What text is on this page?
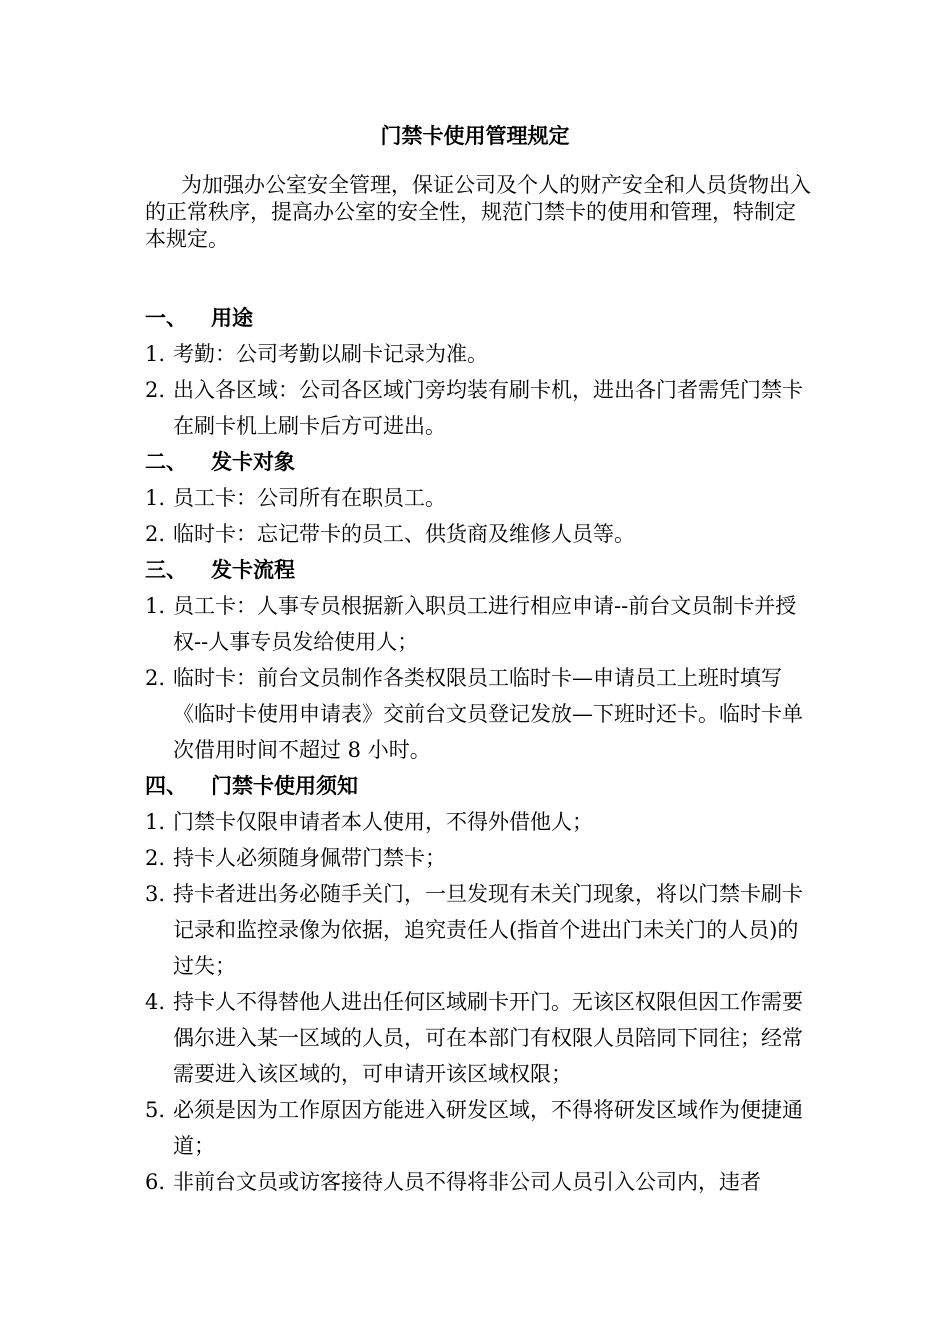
门禁卡使用管理规定
为加强办公室安全管理，保证公司及个人的财产安全和人员货物出入的正常秩序，提高办公室的安全性，规范门禁卡的使用和管理，特制定本规定。
一、	用途
1. 考勤：公司考勤以刷卡记录为准。
2. 出入各区域：公司各区域门旁均装有刷卡机，进出各门者需凭门禁卡在刷卡机上刷卡后方可进出。
二、	发卡对象
1. 员工卡：公司所有在职员工。
2. 临时卡：忘记带卡的员工、供货商及维修人员等。
三、	发卡流程
1. 员工卡：人事专员根据新入职员工进行相应申请--前台文员制卡并授权--人事专员发给使用人；
2. 临时卡：前台文员制作各类权限员工临时卡—申请员工上班时填写《临时卡使用申请表》交前台文员登记发放—下班时还卡。临时卡单次借用时间不超过 8 小时。
四、	门禁卡使用须知
1. 门禁卡仅限申请者本人使用，不得外借他人；
2. 持卡人必须随身佩带门禁卡；
3. 持卡者进出务必随手关门，一旦发现有未关门现象，将以门禁卡刷卡记录和监控录像为依据，追究责任人(指首个进出门未关门的人员)的过失；
4. 持卡人不得替他人进出任何区域刷卡开门。无该区权限但因工作需要偶尔进入某一区域的人员，可在本部门有权限人员陪同下同往；经常需要进入该区域的，可申请开该区域权限；
5. 必须是因为工作原因方能进入研发区域，不得将研发区域作为便捷通道；
6. 非前台文员或访客接待人员不得将非公司人员引入公司内，违者
